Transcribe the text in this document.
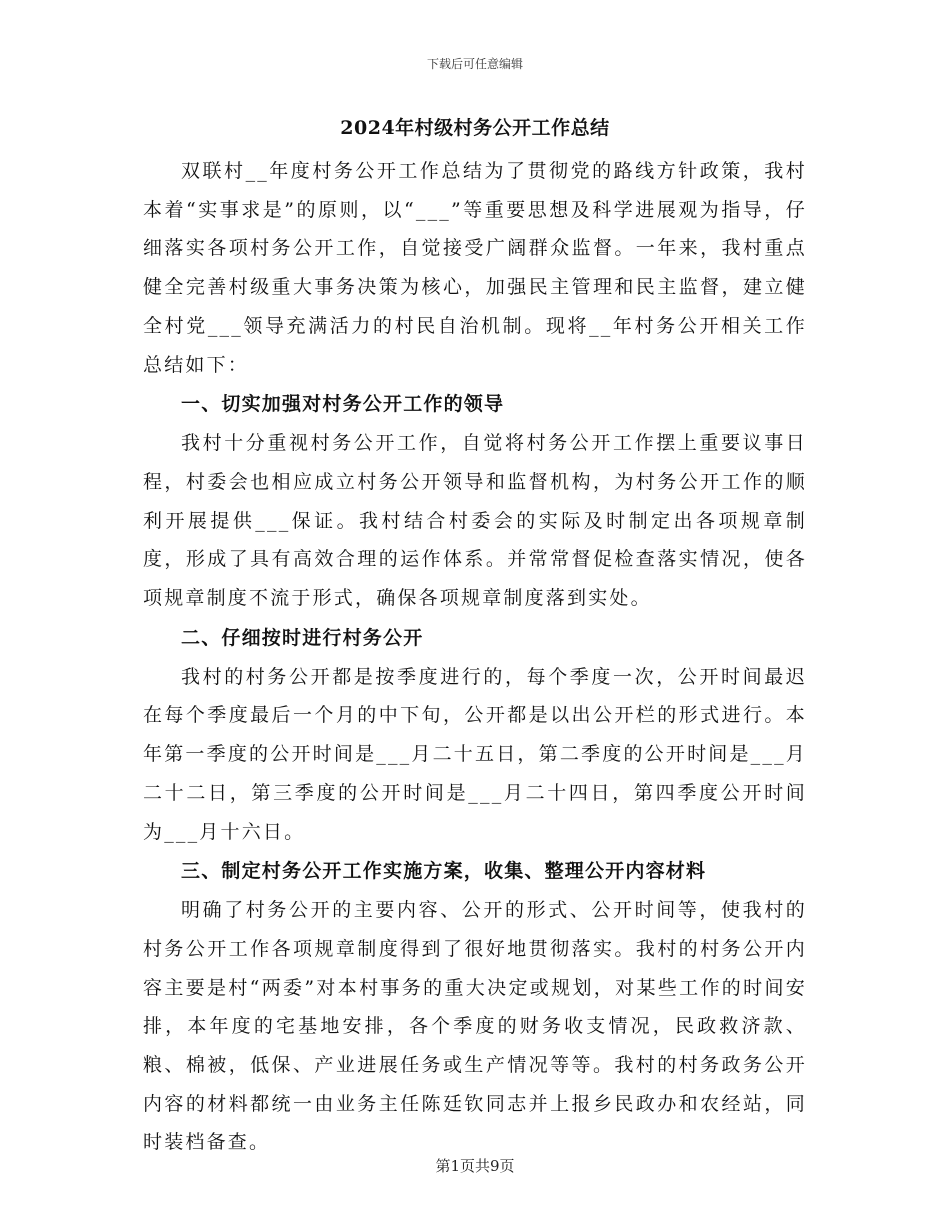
下载后可任意编辑
2024年村级村务公开工作总结

双联村__年度村务公开工作总结为了贯彻党的路线方针政策，我村本着“实事求是”的原则，以“___”等重要思想及科学进展观为指导，仔细落实各项村务公开工作，自觉接受广阔群众监督。一年来，我村重点健全完善村级重大事务决策为核心，加强民主管理和民主监督，建立健全村党___领导充满活力的村民自治机制。现将__年村务公开相关工作总结如下：

一、切实加强对村务公开工作的领导

我村十分重视村务公开工作，自觉将村务公开工作摆上重要议事日程，村委会也相应成立村务公开领导和监督机构，为村务公开工作的顺利开展提供___保证。我村结合村委会的实际及时制定出各项规章制度，形成了具有高效合理的运作体系。并常常督促检查落实情况，使各项规章制度不流于形式，确保各项规章制度落到实处。

二、仔细按时进行村务公开

我村的村务公开都是按季度进行的，每个季度一次，公开时间最迟在每个季度最后一个月的中下旬，公开都是以出公开栏的形式进行。本年第一季度的公开时间是___月二十五日，第二季度的公开时间是___月二十二日，第三季度的公开时间是___月二十四日，第四季度公开时间为___月十六日。

三、制定村务公开工作实施方案，收集、整理公开内容材料

明确了村务公开的主要内容、公开的形式、公开时间等，使我村的村务公开工作各项规章制度得到了很好地贯彻落实。我村的村务公开内容主要是村“两委”对本村事务的重大决定或规划，对某些工作的时间安排，本年度的宅基地安排，各个季度的财务收支情况，民政救济款、粮、棉被，低保、产业进展任务或生产情况等等。我村的村务政务公开内容的材料都统一由业务主任陈廷钦同志并上报乡民政办和农经站，同时装档备查。

第1页共9页
